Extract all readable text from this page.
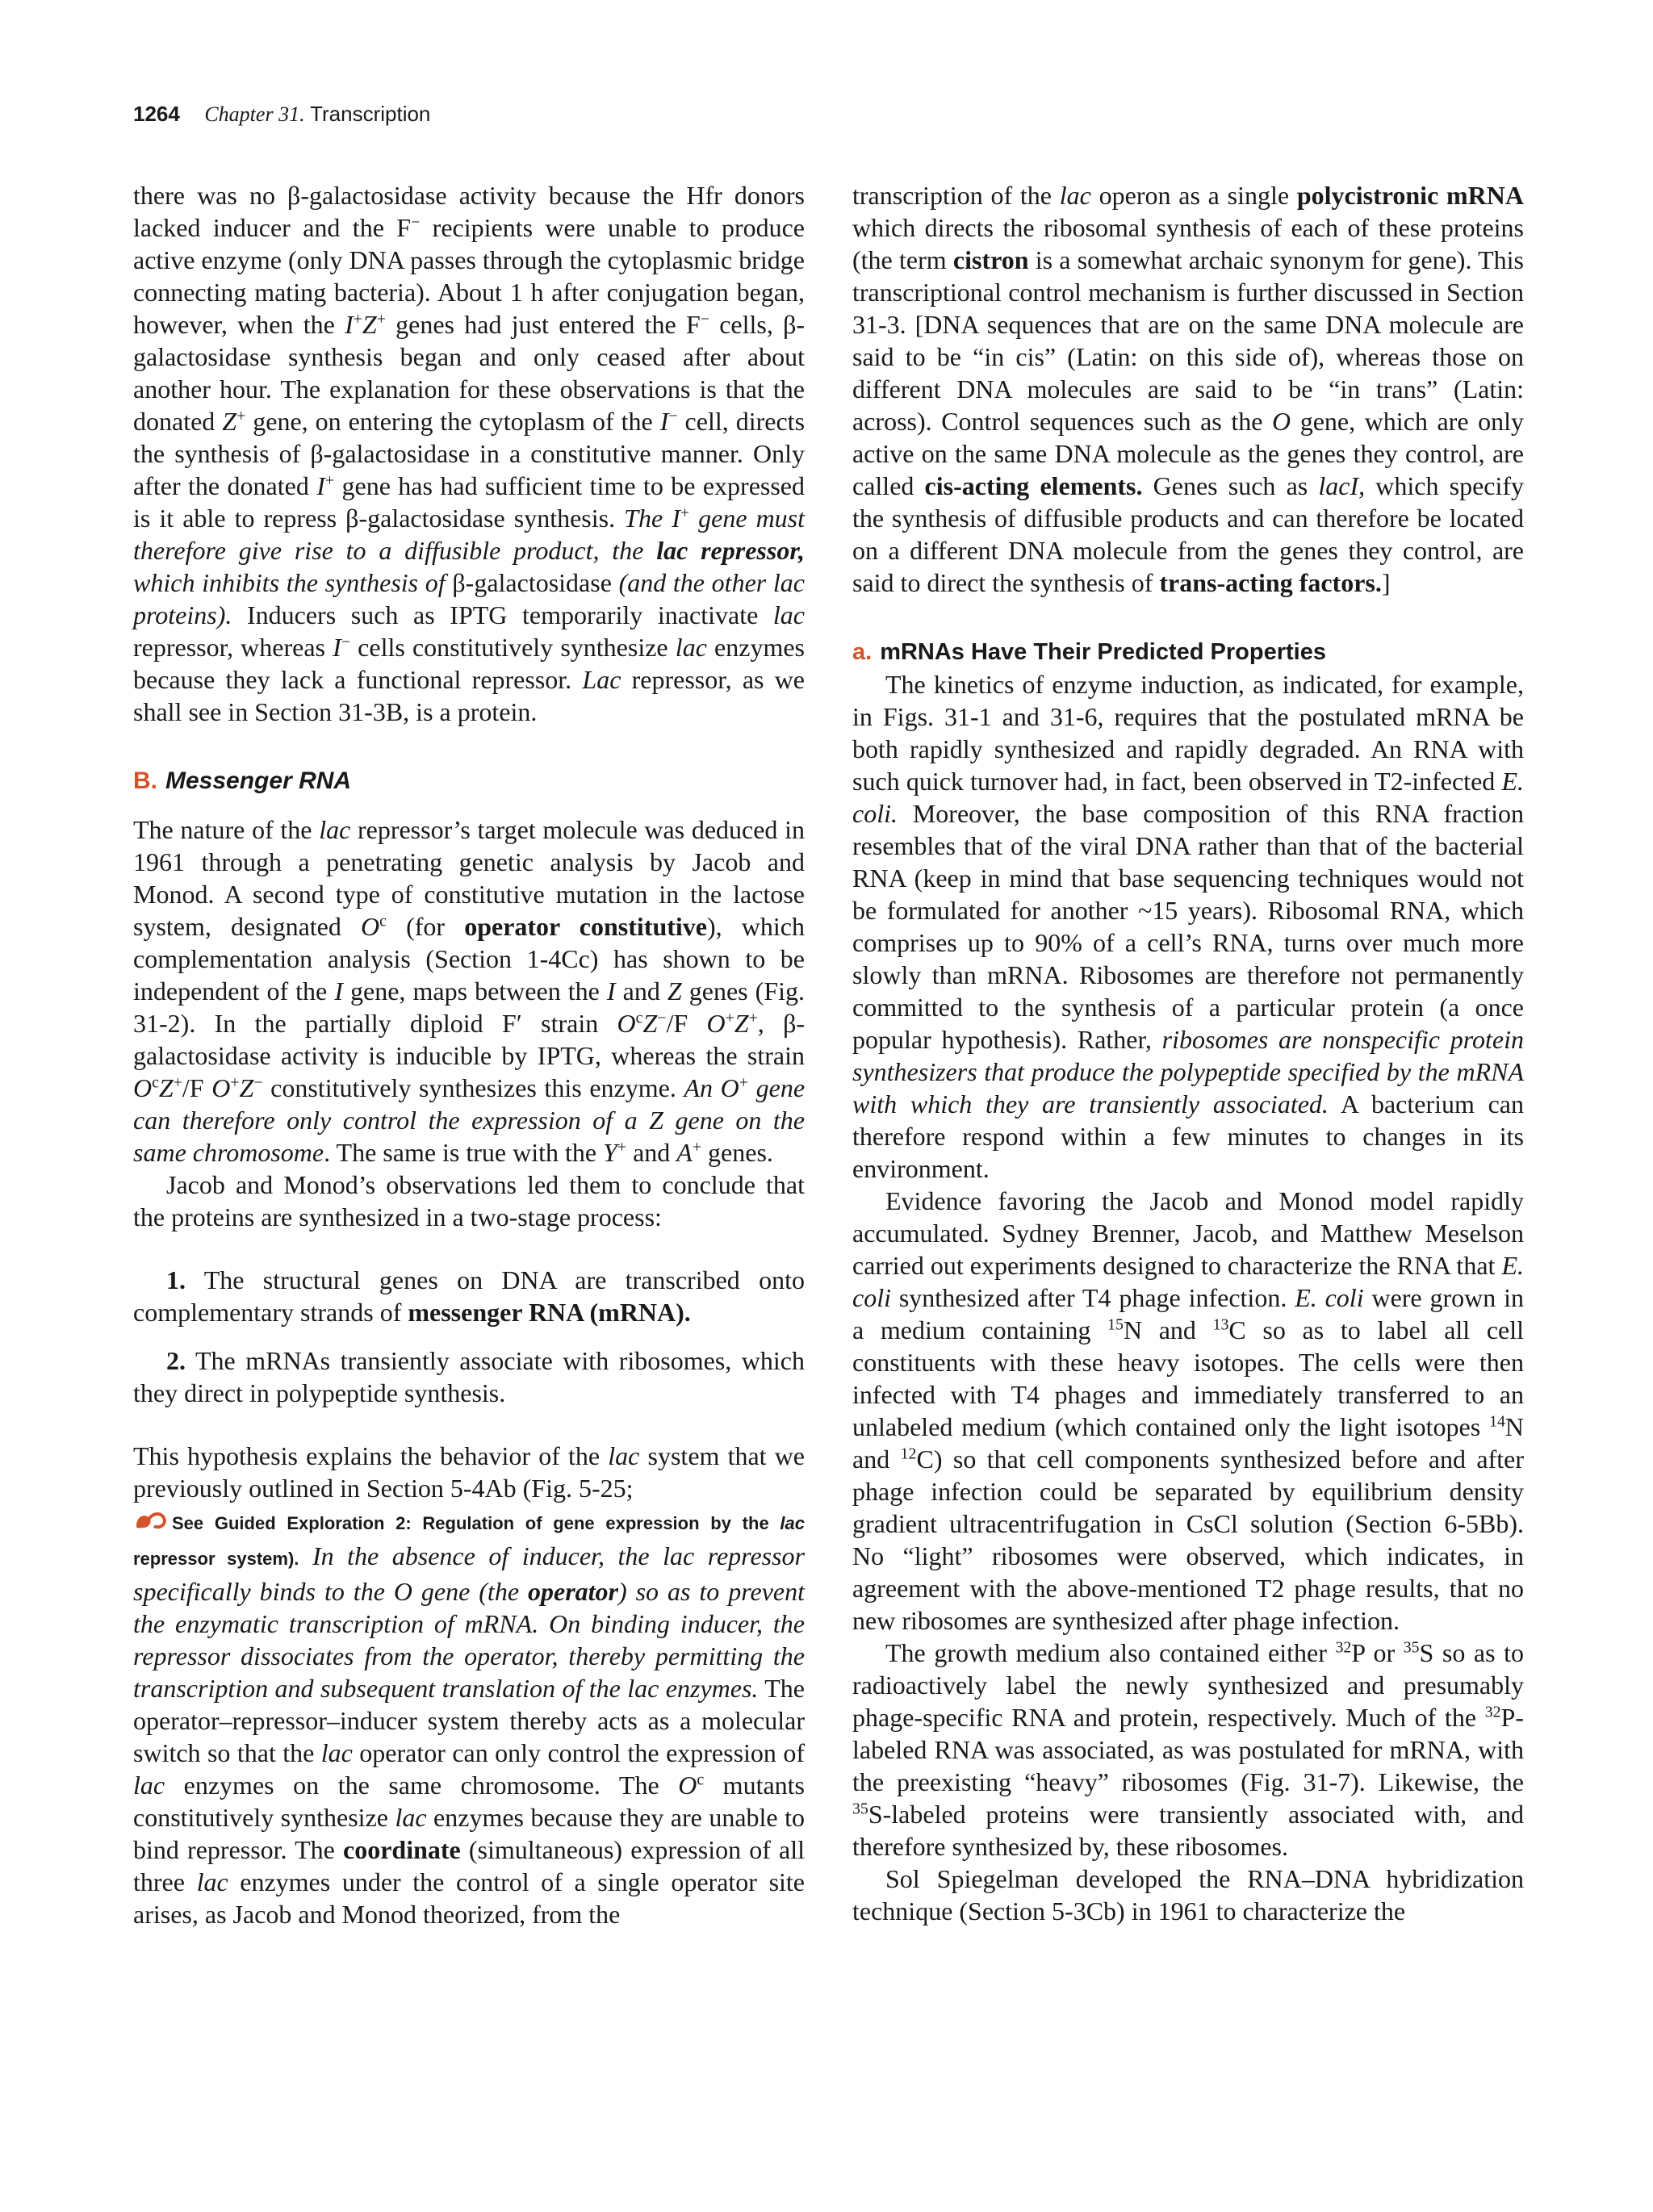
1264 Chapter 31. Transcription

there was no β-galactosidase activity because the Hfr donors lacked inducer and the F− recipients were unable to produce active enzyme (only DNA passes through the cytoplasmic bridge connecting mating bacteria). About 1 h after conjugation began, however, when the I+Z+ genes had just entered the F− cells, β-galactosidase synthesis began and only ceased after about another hour. The explanation for these observations is that the donated Z+ gene, on entering the cytoplasm of the I− cell, directs the synthesis of β-galactosidase in a constitutive manner. Only after the donated I+ gene has had sufficient time to be expressed is it able to repress β-galactosidase synthesis. The I+ gene must therefore give rise to a diffusible product, the lac repressor, which inhibits the synthesis of β-galactosidase (and the other lac proteins). Inducers such as IPTG temporarily inactivate lac repressor, whereas I− cells constitutively synthesize lac enzymes because they lack a functional repressor. Lac repressor, as we shall see in Section 31-3B, is a protein.

B. Messenger RNA

The nature of the lac repressor’s target molecule was deduced in 1961 through a penetrating genetic analysis by Jacob and Monod. A second type of constitutive mutation in the lactose system, designated $O^c$ (for operator constitutive), which complementation analysis (Section 1-4Cc) has shown to be independent of the I gene, maps between the I and Z genes (Fig. 31-2). In the partially diploid F′ strain $O^cZ^-/F$ O+Z+, β-galactosidase activity is inducible by IPTG, whereas the strain $O^cZ^+/F$ O+Z− constitutively synthesizes this enzyme. An O+ gene can therefore only control the expression of a Z gene on the same chromosome. The same is true with the Y+ and A+ genes.

Jacob and Monod’s observations led them to conclude that the proteins are synthesized in a two-stage process:

1. The structural genes on DNA are transcribed onto complementary strands of messenger RNA (mRNA).

2. The mRNAs transiently associate with ribosomes, which they direct in polypeptide synthesis.

This hypothesis explains the behavior of the lac system that we previously outlined in Section 5-4Ab (Fig. 5-25;
See Guided Exploration 2: Regulation of gene expression by the lac repressor system). In the absence of inducer, the lac repressor specifically binds to the O gene (the operator) so as to prevent the enzymatic transcription of mRNA. On binding inducer, the repressor dissociates from the operator, thereby permitting the transcription and subsequent translation of the lac enzymes. The operator–repressor–inducer system thereby acts as a molecular switch so that the lac operator can only control the expression of lac enzymes on the same chromosome. The $O^c$ mutants constitutively synthesize lac enzymes because they are unable to bind repressor. The coordinate (simultaneous) expression of all three lac enzymes under the control of a single operator site arises, as Jacob and Monod theorized, from the

transcription of the lac operon as a single polycistronic mRNA which directs the ribosomal synthesis of each of these proteins (the term cistron is a somewhat archaic synonym for gene). This transcriptional control mechanism is further discussed in Section 31-3. [DNA sequences that are on the same DNA molecule are said to be “in cis” (Latin: on this side of), whereas those on different DNA molecules are said to be “in trans” (Latin: across). Control sequences such as the O gene, which are only active on the same DNA molecule as the genes they control, are called cis-acting elements. Genes such as lacI, which specify the synthesis of diffusible products and can therefore be located on a different DNA molecule from the genes they control, are said to direct the synthesis of trans-acting factors.]

a. mRNAs Have Their Predicted Properties

The kinetics of enzyme induction, as indicated, for example, in Figs. 31-1 and 31-6, requires that the postulated mRNA be both rapidly synthesized and rapidly degraded. An RNA with such quick turnover had, in fact, been observed in T2-infected E. coli. Moreover, the base composition of this RNA fraction resembles that of the viral DNA rather than that of the bacterial RNA (keep in mind that base sequencing techniques would not be formulated for another ~15 years). Ribosomal RNA, which comprises up to 90% of a cell’s RNA, turns over much more slowly than mRNA. Ribosomes are therefore not permanently committed to the synthesis of a particular protein (a once popular hypothesis). Rather, ribosomes are nonspecific protein synthesizers that produce the polypeptide specified by the mRNA with which they are transiently associated. A bacterium can therefore respond within a few minutes to changes in its environment.

Evidence favoring the Jacob and Monod model rapidly accumulated. Sydney Brenner, Jacob, and Matthew Meselson carried out experiments designed to characterize the RNA that E. coli synthesized after T4 phage infection. E. coli were grown in a medium containing $^{15}$N and $^{13}$C so as to label all cell constituents with these heavy isotopes. The cells were then infected with T4 phages and immediately transferred to an unlabeled medium (which contained only the light isotopes $^{14}$N and $^{12}$C) so that cell components synthesized before and after phage infection could be separated by equilibrium density gradient ultracentrifugation in CsCl solution (Section 6-5Bb). No “light” ribosomes were observed, which indicates, in agreement with the above-mentioned T2 phage results, that no new ribosomes are synthesized after phage infection.

The growth medium also contained either $^{32}$P or $^{35}$S so as to radioactively label the newly synthesized and presumably phage-specific RNA and protein, respectively. Much of the $^{32}$P-labeled RNA was associated, as was postulated for mRNA, with the preexisting “heavy” ribosomes (Fig. 31-7). Likewise, the $^{35}$S-labeled proteins were transiently associated with, and therefore synthesized by, these ribosomes.

Sol Spiegelman developed the RNA–DNA hybridization technique (Section 5-3Cb) in 1961 to characterize the
